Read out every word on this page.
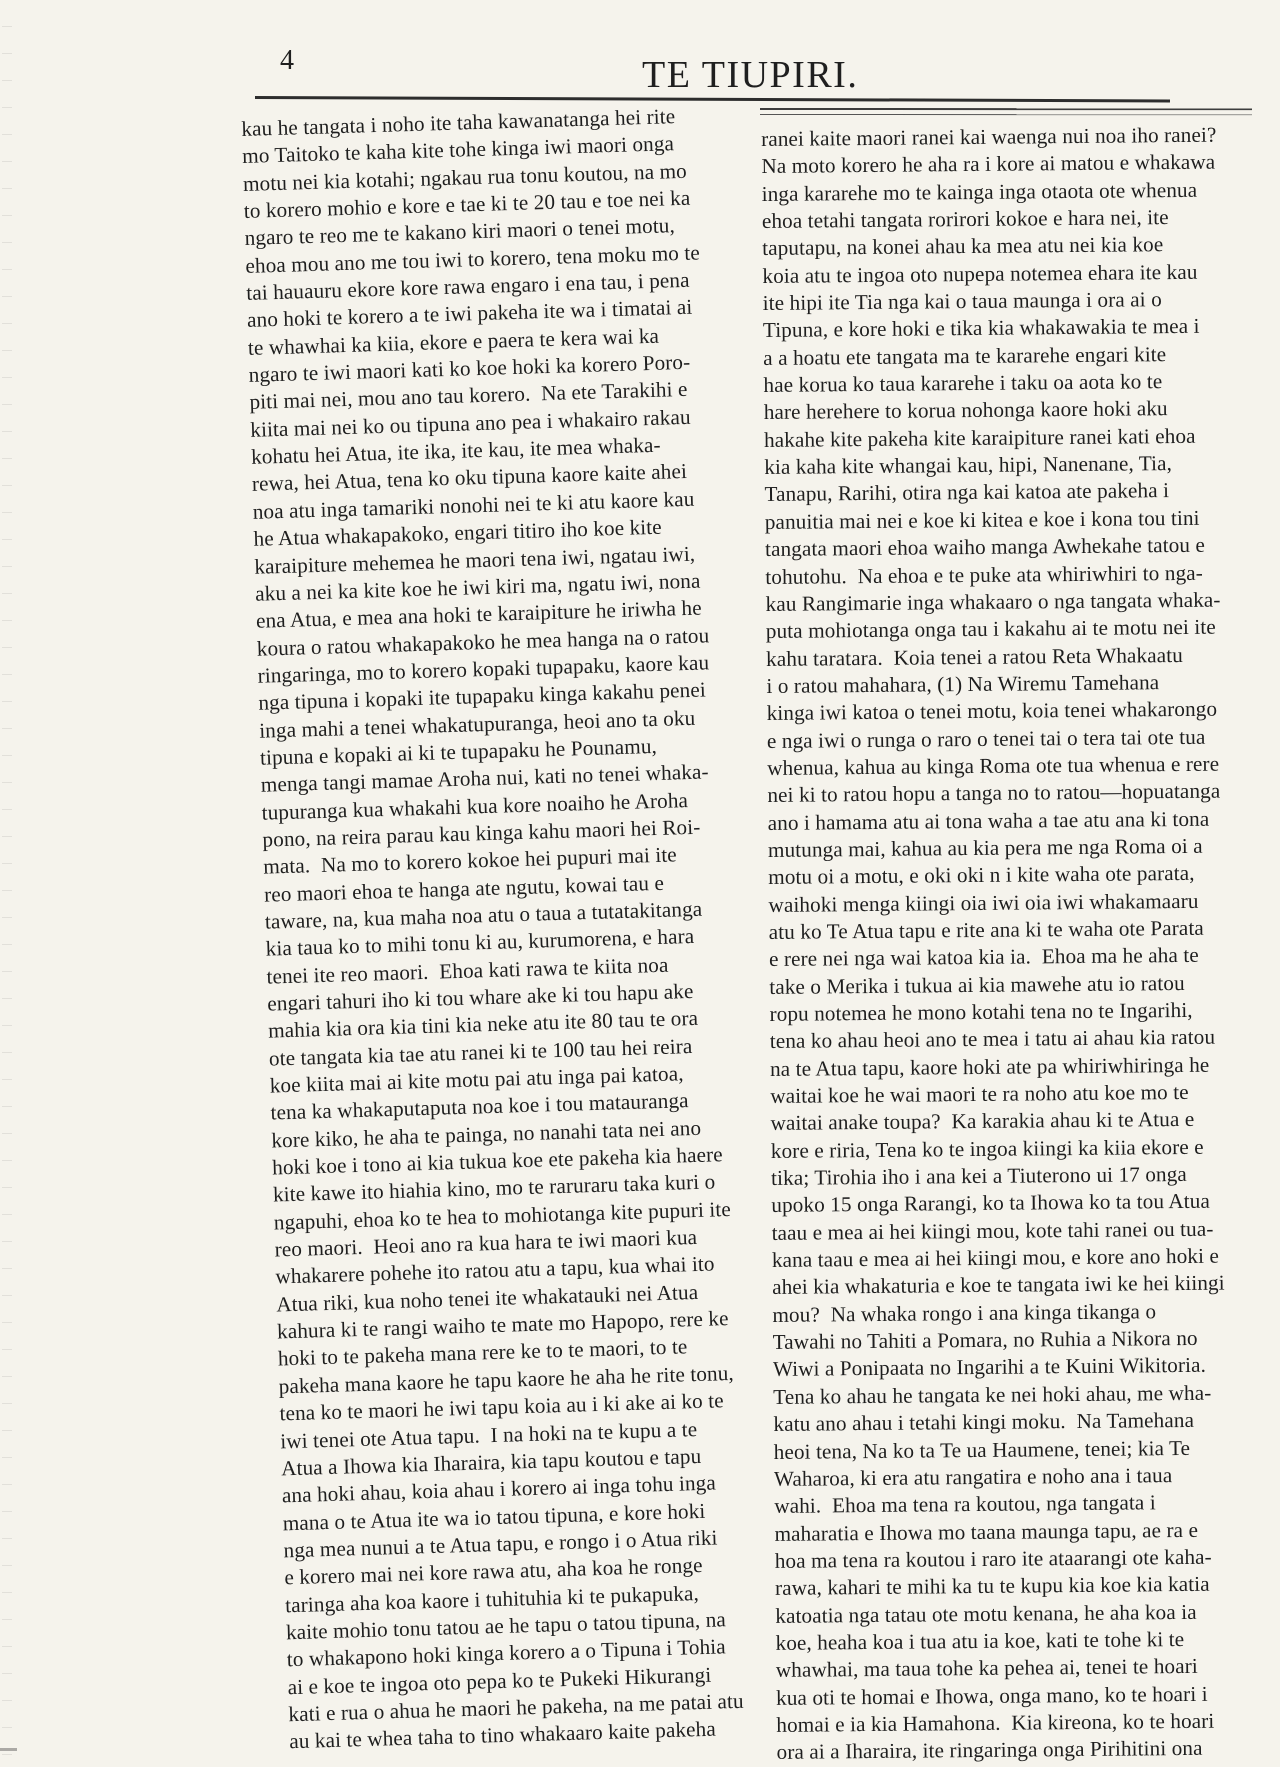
4	TE TIUPIRI.
kau he tangata i noho ite taha kawanatanga hei rite
mo Taitoko te kaha kite tohe kinga iwi maori onga
motu nei kia kotahi; ngakau rua tonu koutou, na mo
to korero mohio e kore e tae ki te 20 tau e toe nei ka
ngaro te reo me te kakano kiri maori o tenei motu,
ehoa mou ano me tou iwi to korero, tena moku mo te
tai hauauru ekore kore rawa engaro i ena tau, i pena
ano hoki te korero a te iwi pakeha ite wa i timatai ai
te whawhai ka kiia, ekore e paera te kera wai ka
ngaro te iwi maori kati ko koe hoki ka korero Poro-
piti mai nei, mou ano tau korero.  Na ete Tarakihi e
kiita mai nei ko ou tipuna ano pea i whakairo rakau
kohatu hei Atua, ite ika, ite kau, ite mea whaka-
rewa, hei Atua, tena ko oku tipuna kaore kaite ahei
noa atu inga tamariki nonohi nei te ki atu kaore kau
he Atua whakapakoko, engari titiro iho koe kite
karaipiture mehemea he maori tena iwi, ngatau iwi,
aku a nei ka kite koe he iwi kiri ma, ngatu iwi, nona
ena Atua, e mea ana hoki te karaipiture he iriwha he
koura o ratou whakapakoko he mea hanga na o ratou
ringaringa, mo to korero kopaki tupapaku, kaore kau
nga tipuna i kopaki ite tupapaku kinga kakahu penei
inga mahi a tenei whakatupuranga, heoi ano ta oku
tipuna e kopaki ai ki te tupapaku he Pounamu,
menga tangi mamae Aroha nui, kati no tenei whaka-
tupuranga kua whakahi kua kore noaiho he Aroha
pono, na reira parau kau kinga kahu maori hei Roi-
mata.  Na mo to korero kokoe hei pupuri mai ite
reo maori ehoa te hanga ate ngutu, kowai tau e
taware, na, kua maha noa atu o taua a tutatakitanga
kia taua ko to mihi tonu ki au, kurumorena, e hara
tenei ite reo maori.  Ehoa kati rawa te kiita noa
engari tahuri iho ki tou whare ake ki tou hapu ake
mahia kia ora kia tini kia neke atu ite 80 tau te ora
ote tangata kia tae atu ranei ki te 100 tau hei reira
koe kiita mai ai kite motu pai atu inga pai katoa,
tena ka whakaputaputa noa koe i tou matauranga
kore kiko, he aha te painga, no nanahi tata nei ano
hoki koe i tono ai kia tukua koe ete pakeha kia haere
kite kawe ito hiahia kino, mo te raruraru taka kuri o
ngapuhi, ehoa ko te hea to mohiotanga kite pupuri ite
reo maori.  Heoi ano ra kua hara te iwi maori kua
whakarere pohehe ito ratou atu a tapu, kua whai ito
Atua riki, kua noho tenei ite whakatauki nei Atua
kahura ki te rangi waiho te mate mo Hapopo, rere ke
hoki to te pakeha mana rere ke to te maori, to te
pakeha mana kaore he tapu kaore he aha he rite tonu,
tena ko te maori he iwi tapu koia au i ki ake ai ko te
iwi tenei ote Atua tapu.  I na hoki na te kupu a te
Atua a Ihowa kia Iharaira, kia tapu koutou e tapu
ana hoki ahau, koia ahau i korero ai inga tohu inga
mana o te Atua ite wa io tatou tipuna, e kore hoki
nga mea nunui a te Atua tapu, e rongo i o Atua riki
e korero mai nei kore rawa atu, aha koa he ronge
taringa aha koa kaore i tuhituhia ki te pukapuka,
kaite mohio tonu tatou ae he tapu o tatou tipuna, na
to whakapono hoki kinga korero a o Tipuna i Tohia
ai e koe te ingoa oto pepa ko te Pukeki Hikurangi
kati e rua o ahua he maori he pakeha, na me patai atu
au kai te whea taha to tino whakaaro kaite pakeha
ranei kaite maori ranei kai waenga nui noa iho ranei?
Na moto korero he aha ra i kore ai matou e whakawa
inga kararehe mo te kainga inga otaota ote whenua
ehoa tetahi tangata rorirori kokoe e hara nei, ite
taputapu, na konei ahau ka mea atu nei kia koe
koia atu te ingoa oto nupepa notemea ehara ite kau
ite hipi ite Tia nga kai o taua maunga i ora ai o
Tipuna, e kore hoki e tika kia whakawakia te mea i
a a hoatu ete tangata ma te kararehe engari kite
hae koruа ko taua kararehe i taku oa aota ko te
hare herehere to korua nohonga kaore hoki aku
hakahe kite pakeha kite karaipiture ranei kati ehoa
kia kaha kite whangai kau, hipi, Nanenane, Tia,
Tanapu, Rarihi, otira nga kai katoa ate pakeha i
panuitia mai nei e koe ki kitea e koe i kona tou tini
tangata maori ehoa waiho manga Awhekahe tatou e
tohutohu.  Na ehoa e te puke ata whiriwhiri to nga-
kau Rangimarie inga whakaaro o nga tangata whaka-
puta mohiotanga onga tau i kakahu ai te motu nei ite
kahu taratara.  Koia tenei a ratou Reta Whakaatu
i o ratou mahahara, (1) Na Wiremu Tamehana
kinga iwi katoa o tenei motu, koia tenei whakarongo
e nga iwi o runga o raro o tenei tai o tera tai ote tua
whenua, kahua au kinga Roma ote tua whenua e rere
nei ki to ratou hopu a tanga no to ratou—hopuatanga
ano i hamama atu ai tona waha a tae atu ana ki tona
mutunga mai, kahua au kia pera me nga Roma oi a
motu oi a motu, e oki oki n i kite waha ote parata,
waihoki menga kiingi oia iwi oia iwi whakamaaru
atu ko Te Atua tapu e rite ana ki te waha ote Parata
e rere nei nga wai katoa kia ia.  Ehoa ma he aha te
take o Merika i tukua ai kia mawehe atu io ratou
ropu notemea he mono kotahi tena no te Ingarihi,
tena ko ahau heoi ano te mea i tatu ai ahau kia ratou
na te Atua tapu, kaore hoki ate pa whiriwhiringa he
waitai koe he wai maori te ra noho atu koe mo te
waitai anake toupa?  Ka karakia ahau ki te Atua e
kore e riria, Tena ko te ingoa kiingi ka kiia ekore e
tika; Tirohia iho i ana kei a Tiuterono ui 17 onga
upoko 15 onga Rarangi, ko ta Ihowa ko ta tou Atua
taau e mea ai hei kiingi mou, kote tahi ranei ou tua-
kana taau e mea ai hei kiingi mou, e kore ano hoki e
ahei kia whakaturia e koe te tangata iwi ke hei kiingi
mou?  Na whaka rongo i ana kinga tikanga o
Tawahi no Tahiti a Pomara, no Ruhia a Nikora no
Wiwi a Ponipaata no Ingarihi a te Kuini Wikitoria.
Tena ko ahau he tangata ke nei hoki ahau, me wha-
katu ano ahau i tetahi kingi moku.  Na Tamehana
heoi tena, Na ko ta Te ua Haumene, tenei; kia Te
Waharoa, ki era atu rangatira e noho ana i taua
wahi.  Ehoa ma tena ra koutou, nga tangata i
maharatia e Ihowa mo taana maunga tapu, ae ra e
hoa ma tena ra koutou i raro ite ataarangi ote kaha-
rawa, kahari te mihi ka tu te kupu kia koe kia katia
katoatia nga tatau ote motu kenana, he aha koa ia
koe, heaha koa i tua atu ia koe, kati te tohe ki te
whawhai, ma taua tohe ka pehea ai, tenei te hoari
kua oti te homai e Ihowa, onga mano, ko te hoari i
homai e ia kia Hamahona.  Kia kireona, ko te hoari
ora ai a Iharaira, ite ringaringa onga Pirihitini ona
